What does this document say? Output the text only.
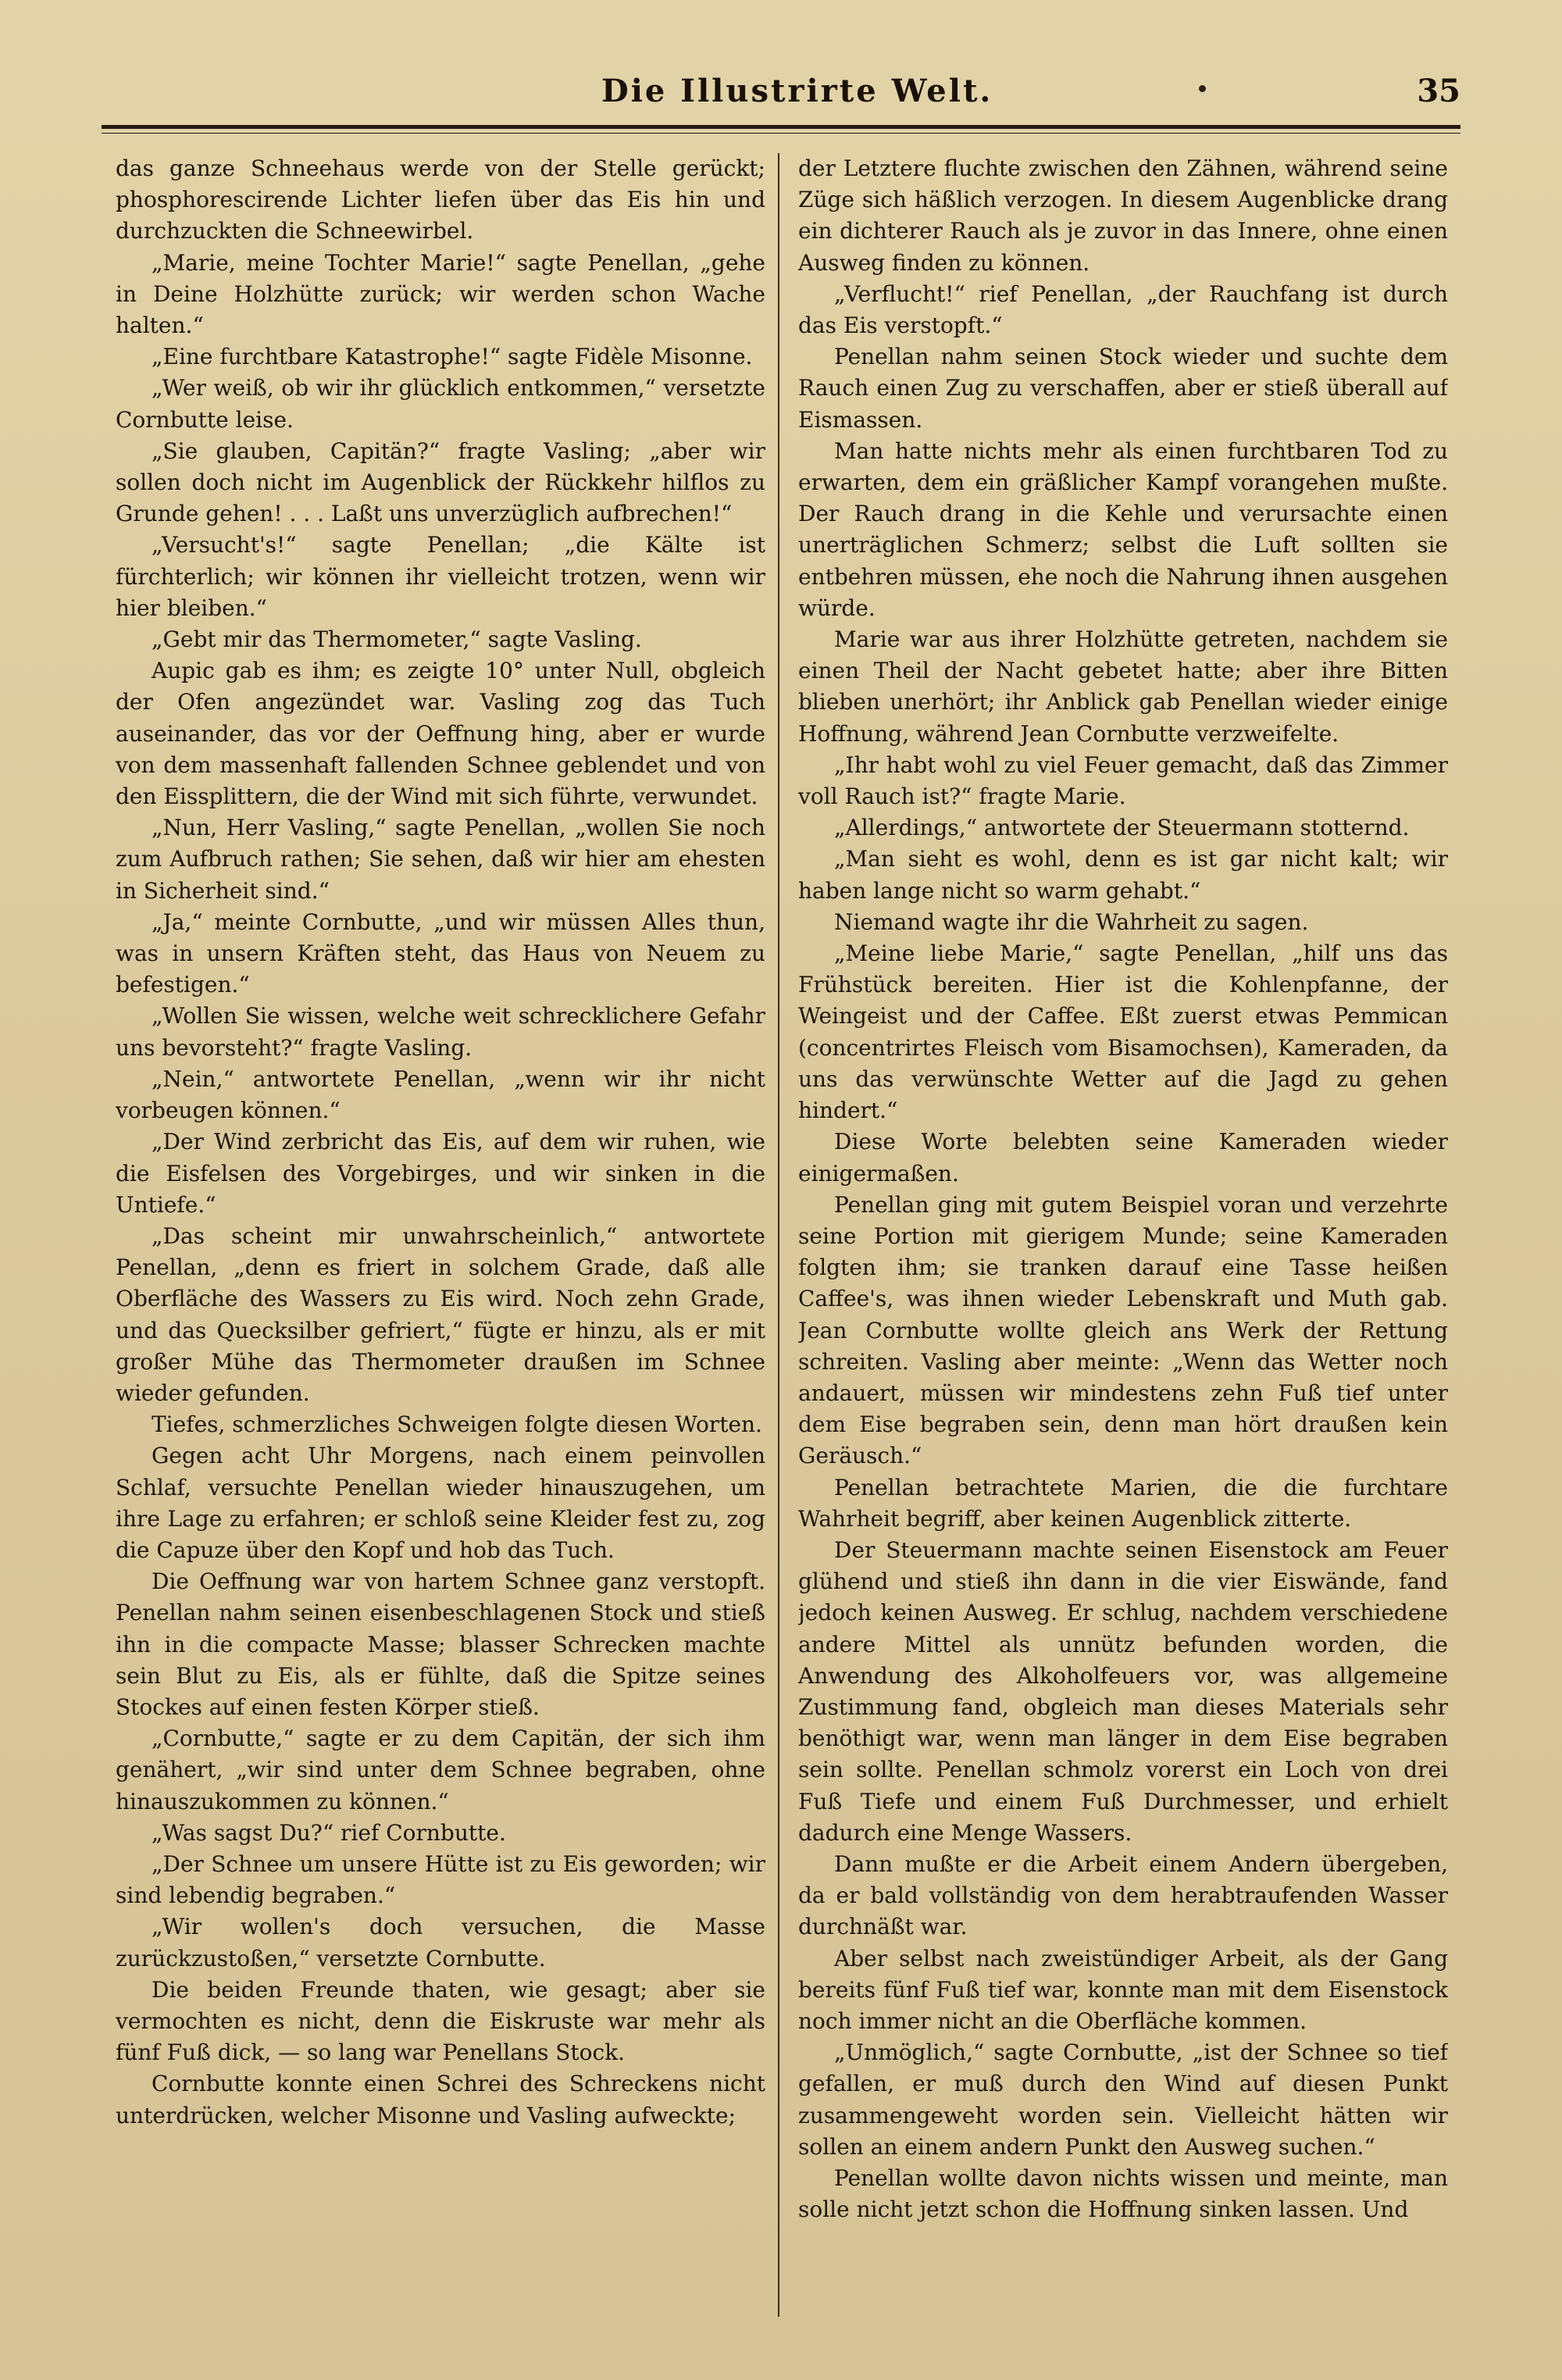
Die Illustrirte Welt.	35

das ganze Schneehaus werde von der Stelle gerückt; phosphorescirende Lichter liefen über das Eis hin und durchzuckten die Schneewirbel.

„Marie, meine Tochter Marie!“ sagte Penellan, „gehe in Deine Holzhütte zurück; wir werden schon Wache halten.“

„Eine furchtbare Katastrophe!“ sagte Fidèle Misonne.

„Wer weiß, ob wir ihr glücklich entkommen,“ versetzte Cornbutte leise.

„Sie glauben, Capitän?“ fragte Vasling; „aber wir sollen doch nicht im Augenblick der Rückkehr hilflos zu Grunde gehen! . . . Laßt uns unverzüglich aufbrechen!“

„Versucht's!“ sagte Penellan; „die Kälte ist fürchterlich; wir können ihr vielleicht trotzen, wenn wir hier bleiben.“

„Gebt mir das Thermometer,“ sagte Vasling.

Aupic gab es ihm; es zeigte 10° unter Null, obgleich der Ofen angezündet war. Vasling zog das Tuch auseinander, das vor der Oeffnung hing, aber er wurde von dem massenhaft fallenden Schnee geblendet und von den Eissplittern, die der Wind mit sich führte, verwundet.

„Nun, Herr Vasling,“ sagte Penellan, „wollen Sie noch zum Aufbruch rathen; Sie sehen, daß wir hier am ehesten in Sicherheit sind.“

„Ja,“ meinte Cornbutte, „und wir müssen Alles thun, was in unsern Kräften steht, das Haus von Neuem zu befestigen.“

„Wollen Sie wissen, welche weit schrecklichere Gefahr uns bevorsteht?“ fragte Vasling.

„Nein,“ antwortete Penellan, „wenn wir ihr nicht vorbeugen können.“

„Der Wind zerbricht das Eis, auf dem wir ruhen, wie die Eisfelsen des Vorgebirges, und wir sinken in die Untiefe.“

„Das scheint mir unwahrscheinlich,“ antwortete Penellan, „denn es friert in solchem Grade, daß alle Oberfläche des Wassers zu Eis wird. Noch zehn Grade, und das Quecksilber gefriert,“ fügte er hinzu, als er mit großer Mühe das Thermometer draußen im Schnee wieder gefunden.

Tiefes, schmerzliches Schweigen folgte diesen Worten.

Gegen acht Uhr Morgens, nach einem peinvollen Schlaf, versuchte Penellan wieder hinauszugehen, um ihre Lage zu erfahren; er schloß seine Kleider fest zu, zog die Capuze über den Kopf und hob das Tuch.

Die Oeffnung war von hartem Schnee ganz verstopft. Penellan nahm seinen eisenbeschlagenen Stock und stieß ihn in die compacte Masse; blasser Schrecken machte sein Blut zu Eis, als er fühlte, daß die Spitze seines Stockes auf einen festen Körper stieß.

„Cornbutte,“ sagte er zu dem Capitän, der sich ihm genähert, „wir sind unter dem Schnee begraben, ohne hinauszukommen zu können.“

„Was sagst Du?“ rief Cornbutte.

„Der Schnee um unsere Hütte ist zu Eis geworden; wir sind lebendig begraben.“

„Wir wollen's doch versuchen, die Masse zurückzustoßen,“ versetzte Cornbutte.

Die beiden Freunde thaten, wie gesagt; aber sie vermochten es nicht, denn die Eiskruste war mehr als fünf Fuß dick, — so lang war Penellans Stock.

Cornbutte konnte einen Schrei des Schreckens nicht unterdrücken, welcher Misonne und Vasling aufweckte;

der Letztere fluchte zwischen den Zähnen, während seine Züge sich häßlich verzogen. In diesem Augenblicke drang ein dichterer Rauch als je zuvor in das Innere, ohne einen Ausweg finden zu können.

„Verflucht!“ rief Penellan, „der Rauchfang ist durch das Eis verstopft.“

Penellan nahm seinen Stock wieder und suchte dem Rauch einen Zug zu verschaffen, aber er stieß überall auf Eismassen.

Man hatte nichts mehr als einen furchtbaren Tod zu erwarten, dem ein gräßlicher Kampf vorangehen mußte. Der Rauch drang in die Kehle und verursachte einen unerträglichen Schmerz; selbst die Luft sollten sie entbehren müssen, ehe noch die Nahrung ihnen ausgehen würde.

Marie war aus ihrer Holzhütte getreten, nachdem sie einen Theil der Nacht gebetet hatte; aber ihre Bitten blieben unerhört; ihr Anblick gab Penellan wieder einige Hoffnung, während Jean Cornbutte verzweifelte.

„Ihr habt wohl zu viel Feuer gemacht, daß das Zimmer voll Rauch ist?“ fragte Marie.

„Allerdings,“ antwortete der Steuermann stotternd.

„Man sieht es wohl, denn es ist gar nicht kalt; wir haben lange nicht so warm gehabt.“

Niemand wagte ihr die Wahrheit zu sagen.

„Meine liebe Marie,“ sagte Penellan, „hilf uns das Frühstück bereiten. Hier ist die Kohlenpfanne, der Weingeist und der Caffee. Eßt zuerst etwas Pemmican (concentrirtes Fleisch vom Bisamochsen), Kameraden, da uns das verwünschte Wetter auf die Jagd zu gehen hindert.“

Diese Worte belebten seine Kameraden wieder einigermaßen.

Penellan ging mit gutem Beispiel voran und verzehrte seine Portion mit gierigem Munde; seine Kameraden folgten ihm; sie tranken darauf eine Tasse heißen Caffee's, was ihnen wieder Lebenskraft und Muth gab. Jean Cornbutte wollte gleich ans Werk der Rettung schreiten. Vasling aber meinte: „Wenn das Wetter noch andauert, müssen wir mindestens zehn Fuß tief unter dem Eise begraben sein, denn man hört draußen kein Geräusch.“

Penellan betrachtete Marien, die die furchtare Wahrheit begriff, aber keinen Augenblick zitterte.

Der Steuermann machte seinen Eisenstock am Feuer glühend und stieß ihn dann in die vier Eiswände, fand jedoch keinen Ausweg. Er schlug, nachdem verschiedene andere Mittel als unnütz befunden worden, die Anwendung des Alkoholfeuers vor, was allgemeine Zustimmung fand, obgleich man dieses Materials sehr benöthigt war, wenn man länger in dem Eise begraben sein sollte. Penellan schmolz vorerst ein Loch von drei Fuß Tiefe und einem Fuß Durchmesser, und erhielt dadurch eine Menge Wassers.

Dann mußte er die Arbeit einem Andern übergeben, da er bald vollständig von dem herabtraufenden Wasser durchnäßt war.

Aber selbst nach zweistündiger Arbeit, als der Gang bereits fünf Fuß tief war, konnte man mit dem Eisenstock noch immer nicht an die Oberfläche kommen.

„Unmöglich,“ sagte Cornbutte, „ist der Schnee so tief gefallen, er muß durch den Wind auf diesen Punkt zusammengeweht worden sein. Vielleicht hätten wir sollen an einem andern Punkt den Ausweg suchen.“

Penellan wollte davon nichts wissen und meinte, man solle nicht jetzt schon die Hoffnung sinken lassen. Und
